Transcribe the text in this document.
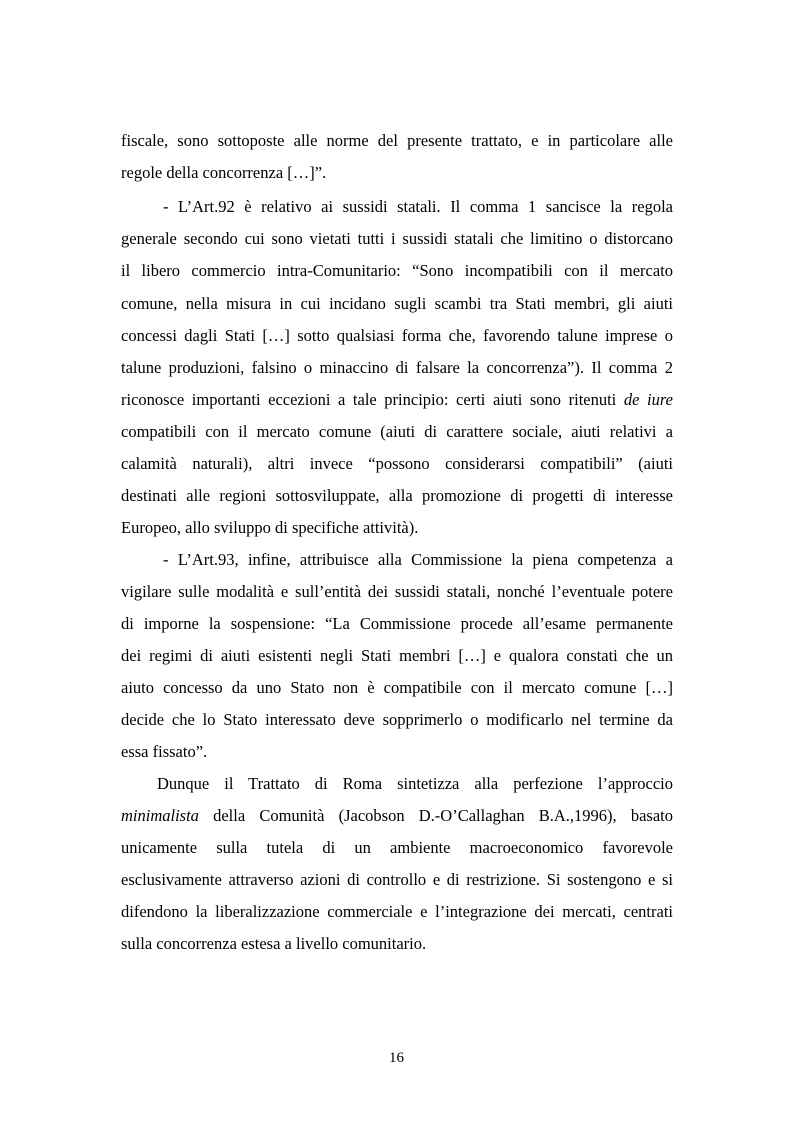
fiscale, sono sottoposte alle norme del presente trattato, e in particolare alle
regole della concorrenza […]”.
- L’Art.92 è relativo ai sussidi statali. Il comma 1 sancisce la regola
generale secondo cui sono vietati tutti i sussidi statali che limitino o distorcano
il libero commercio intra-Comunitario: “Sono incompatibili con il mercato
comune, nella misura in cui incidano sugli scambi tra Stati membri, gli aiuti
concessi dagli Stati […] sotto qualsiasi forma che, favorendo talune imprese o
talune produzioni, falsino o minaccino di falsare la concorrenza”). Il comma 2
riconosce importanti eccezioni a tale principio: certi aiuti sono ritenuti de iure
compatibili con il mercato comune (aiuti di carattere sociale, aiuti relativi a
calamità naturali), altri invece “possono considerarsi compatibili” (aiuti
destinati alle regioni sottosviluppate, alla promozione di progetti di interesse
Europeo, allo sviluppo di specifiche attività).
- L’Art.93, infine, attribuisce alla Commissione la piena competenza a
vigilare sulle modalità e sull’entità dei sussidi statali, nonché l’eventuale potere
di imporne la sospensione: “La Commissione procede all’esame permanente
dei regimi di aiuti esistenti negli Stati membri […] e qualora constati che un
aiuto concesso da uno Stato non è compatibile con il mercato comune […]
decide che lo Stato interessato deve sopprimerlo o modificarlo nel termine da
essa fissato”.
Dunque il Trattato di Roma sintetizza alla perfezione l’approccio
minimalista della Comunità (Jacobson D.-O’Callaghan B.A.,1996), basato
unicamente sulla tutela di un ambiente macroeconomico favorevole
esclusivamente attraverso azioni di controllo e di restrizione. Si sostengono e si
difendono la liberalizzazione commerciale e l’integrazione dei mercati, centrati
sulla concorrenza estesa a livello comunitario.
16
